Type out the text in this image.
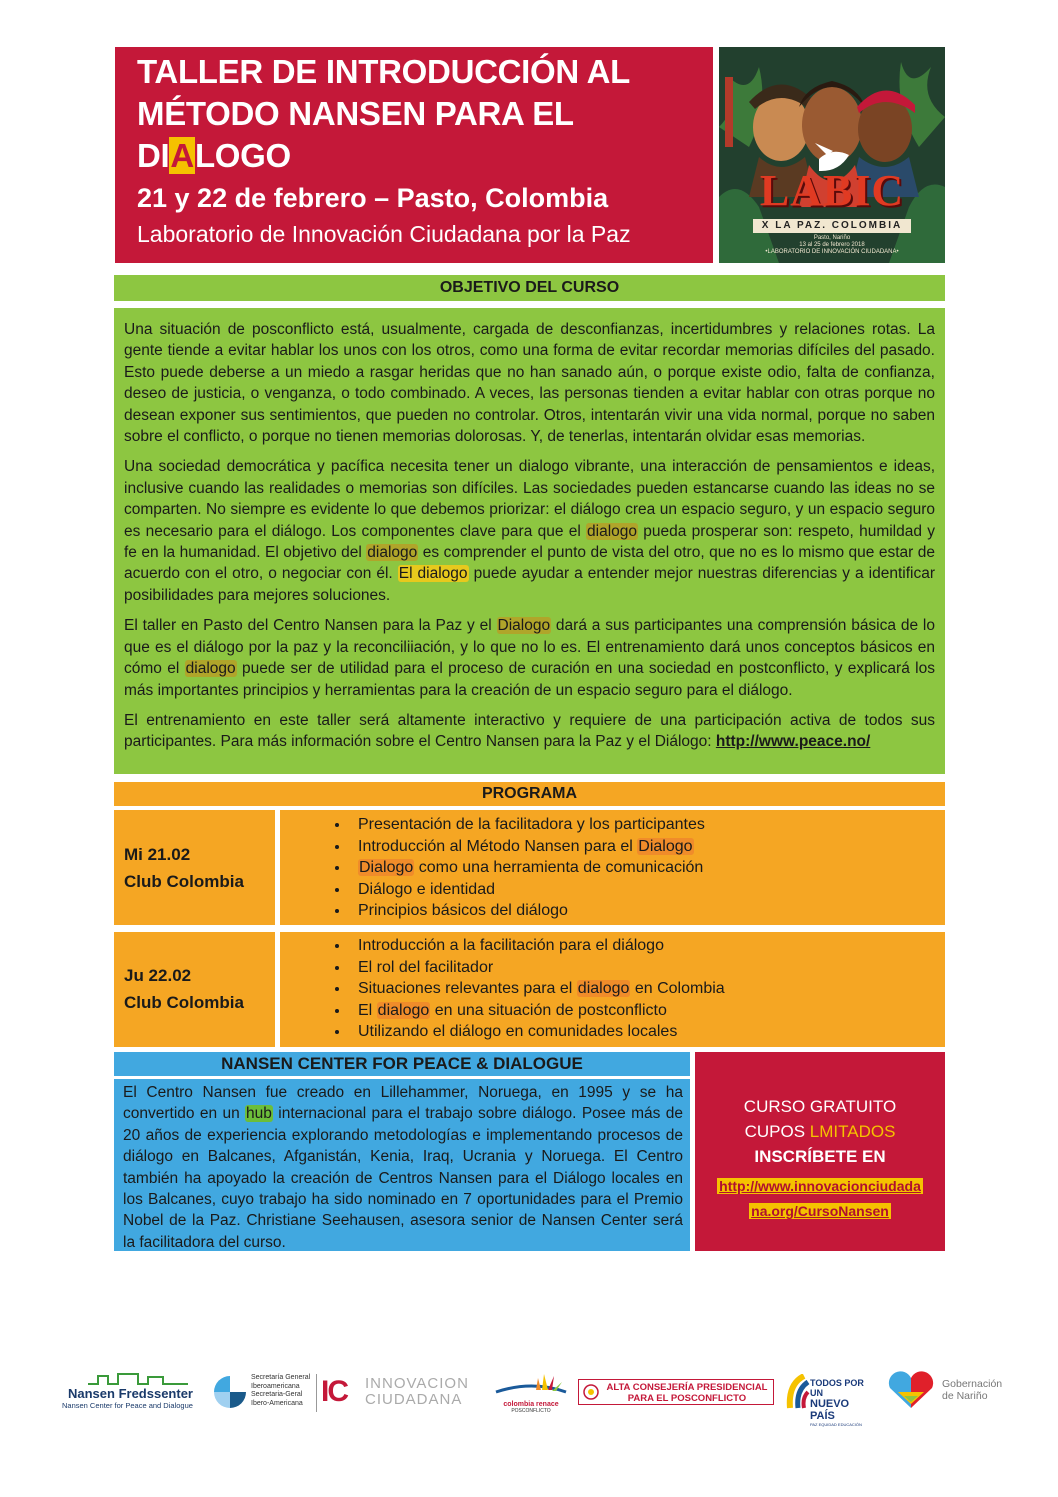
TALLER DE INTRODUCCIÓN AL
MÉTODO NANSEN PARA EL
DIALOGO
21 y 22 de febrero – Pasto, Colombia
Laboratorio de Innovación Ciudadana por la Paz
LABIC
X LA PAZ. COLOMBIA
Pasto, Nariño
13 al 25 de febrero 2018
•LABORATORIO DE INNOVACIÓN CIUDADANA•
OBJETIVO DEL CURSO

Una situación de posconflicto está, usualmente, cargada de desconfianzas, incertidumbres y relaciones rotas. La gente tiende a evitar hablar los unos con los otros, como una forma de evitar recordar memorias difíciles del pasado. Esto puede deberse a un miedo a rasgar heridas que no han sanado aún, o porque existe odio, falta de confianza, deseo de justicia, o venganza, o todo combinado. A veces, las personas tienden a evitar hablar con otras porque no desean exponer sus sentimientos, que pueden no controlar. Otros, intentarán vivir una vida normal, porque no saben sobre el conflicto, o porque no tienen memorias dolorosas. Y, de tenerlas, intentarán olvidar esas memorias.

Una sociedad democrática y pacífica necesita tener un dialogo vibrante, una interacción de pensamientos e ideas, inclusive cuando las realidades o memorias son difíciles. Las sociedades pueden estancarse cuando las ideas no se comparten. No siempre es evidente lo que debemos priorizar: el diálogo crea un espacio seguro, y un espacio seguro es necesario para el diálogo. Los componentes clave para que el dialogo pueda prosperar son: respeto, humildad y fe en la humanidad. El objetivo del dialogo es comprender el punto de vista del otro, que no es lo mismo que estar de acuerdo con el otro, o negociar con él. El dialogo puede ayudar a entender mejor nuestras diferencias y a identificar posibilidades para mejores soluciones.

El taller en Pasto del Centro Nansen para la Paz y el Dialogo dará a sus participantes una comprensión básica de lo que es el diálogo por la paz y la reconciliiación, y lo que no lo es. El entrenamiento dará unos conceptos básicos en cómo el dialogo puede ser de utilidad para el proceso de curación en una sociedad en postconflicto, y explicará los más importantes principios y herramientas para la creación de un espacio seguro para el diálogo.

El entrenamiento en este taller será altamente interactivo y requiere de una participación activa de todos sus participantes. Para más información sobre el Centro Nansen para la Paz y el Diálogo: http://www.peace.no/

PROGRAMA
Mi 21.02
Club Colombia
• Presentación de la facilitadora y los participantes
• Introducción al Método Nansen para el Dialogo
• Dialogo como una herramienta de comunicación
• Diálogo e identidad
• Principios básicos del diálogo
Ju 22.02
Club Colombia
• Introducción a la facilitación para el diálogo
• El rol del facilitador
• Situaciones relevantes para el dialogo en Colombia
• El dialogo en una situación de postconflicto
• Utilizando el diálogo en comunidades locales
NANSEN CENTER FOR PEACE & DIALOGUE
El Centro Nansen fue creado en Lillehammer, Noruega, en 1995 y se ha convertido en un hub internacional para el trabajo sobre diálogo. Posee más de 20 años de experiencia explorando metodologías e implementando procesos de diálogo en Balcanes, Afganistán, Kenia, Iraq, Ucrania y Noruega. El Centro también ha apoyado la creación de Centros Nansen para el Diálogo locales en los Balcanes, cuyo trabajo ha sido nominado en 7 oportunidades para el Premio Nobel de la Paz. Christiane Seehausen, asesora senior de Nansen Center será la facilitadora del curso.
CURSO GRATUITO
CUPOS LMITADOS
INSCRÍBETE EN
http://www.innovacionciudada
na.org/CursoNansen
Nansen Fredssenter
Nansen Center for Peace and Dialogue
Secretaría General
Iberoamericana
Secretaria-Geral
Ibero-Americana IC INNOVACION
CIUDADANA	colombia renace
POSCONFLICTO
ALTA CONSEJERÍA PRESIDENCIAL
PARA EL POSCONFLICTO
TODOS POR UN
NUEVO PAÍS
PAZ EQUIDAD EDUCACIÓN
Gobernación
de Nariño
